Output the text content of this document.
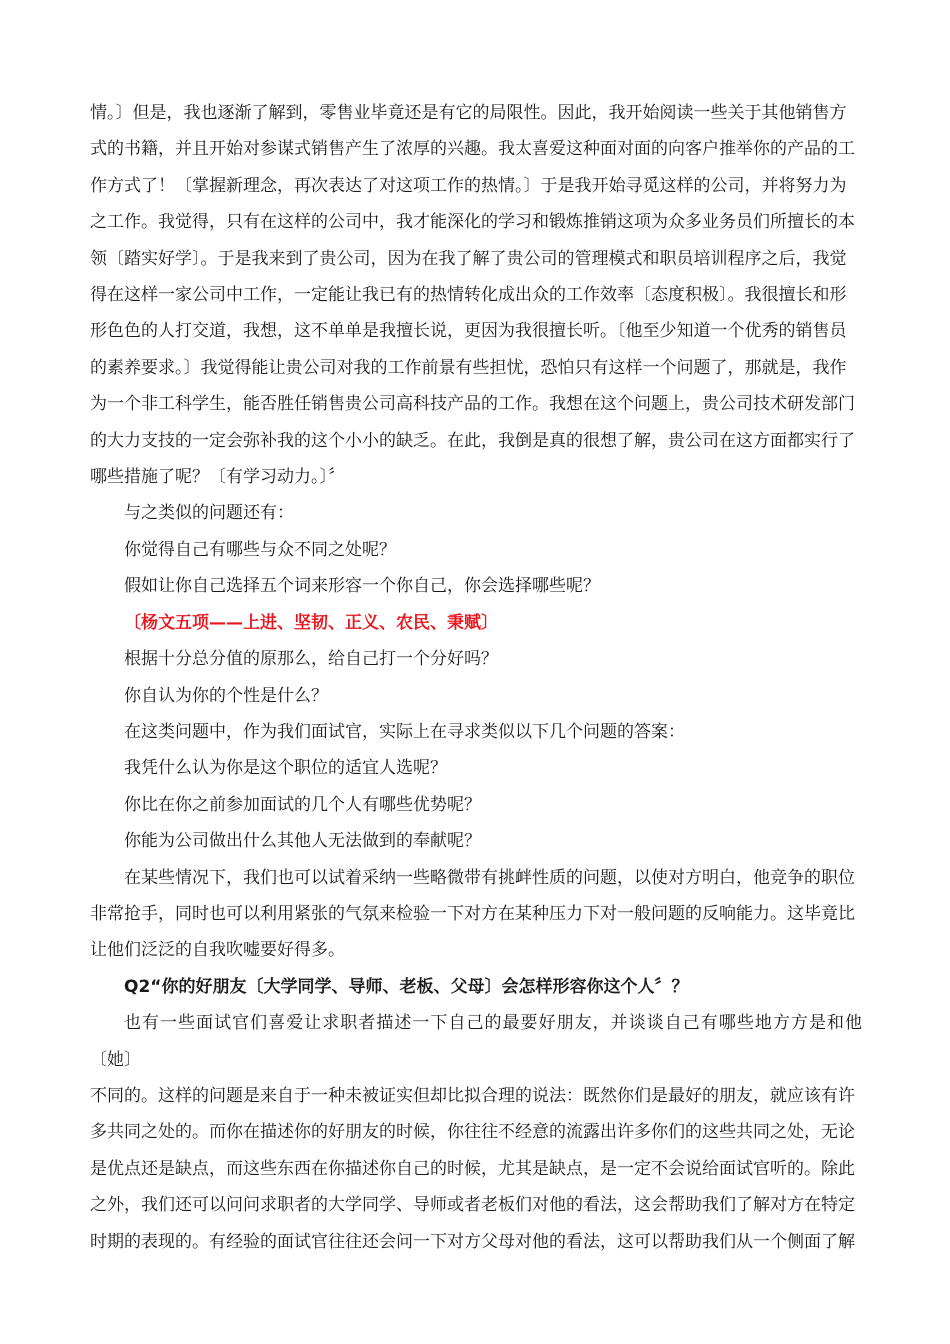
情。〕但是，我也逐渐了解到，零售业毕竟还是有它的局限性。因此，我开始阅读一些关于其他销售方
式的书籍，并且开始对参谋式销售产生了浓厚的兴趣。我太喜爱这种面对面的向客户推举你的产品的工
作方式了！〔掌握新理念，再次表达了对这项工作的热情。〕于是我开始寻觅这样的公司，并将努力为
之工作。我觉得，只有在这样的公司中，我才能深化的学习和锻炼推销这项为众多业务员们所擅长的本
领〔踏实好学〕。于是我来到了贵公司，因为在我了解了贵公司的管理模式和职员培训程序之后，我觉
得在这样一家公司中工作，一定能让我已有的热情转化成出众的工作效率〔态度积极〕。我很擅长和形
形色色的人打交道，我想，这不单单是我擅长说，更因为我很擅长听。〔他至少知道一个优秀的销售员
的素养要求。〕我觉得能让贵公司对我的工作前景有些担忧，恐怕只有这样一个问题了，那就是，我作
为一个非工科学生，能否胜任销售贵公司高科技产品的工作。我想在这个问题上，贵公司技术研发部门
的大力支技的一定会弥补我的这个小小的缺乏。在此，我倒是真的很想了解，贵公司在这方面都实行了
哪些措施了呢？〔有学习动力。〕〞

与之类似的问题还有：

你觉得自己有哪些与众不同之处呢？

假如让你自己选择五个词来形容一个你自己，你会选择哪些呢？

〔杨文五项——上进、坚韧、正义、农民、秉赋〕

根据十分总分值的原那么，给自己打一个分好吗？

你自认为你的个性是什么？

在这类问题中，作为我们面试官，实际上在寻求类似以下几个问题的答案：

我凭什么认为你是这个职位的适宜人选呢？

你比在你之前参加面试的几个人有哪些优势呢？

你能为公司做出什么其他人无法做到的奉献呢？

在某些情况下，我们也可以试着采纳一些略微带有挑衅性质的问题，以使对方明白，他竞争的职位
非常抢手，同时也可以利用紧张的气氛来检验一下对方在某种压力下对一般问题的反响能力。这毕竟比
让他们泛泛的自我吹嘘要好得多。

Q2“你的好朋友〔大学同学、导师、老板、父母〕会怎样形容你这个人〞？

也有一些面试官们喜爱让求职者描述一下自己的最要好朋友，并谈谈自己有哪些地方方是和他〔她〕
不同的。这样的问题是来自于一种未被证实但却比拟合理的说法：既然你们是最好的朋友，就应该有许
多共同之处的。而你在描述你的好朋友的时候，你往往不经意的流露出许多你们的这些共同之处，无论
是优点还是缺点，而这些东西在你描述你自己的时候，尤其是缺点，是一定不会说给面试官听的。除此
之外，我们还可以问问求职者的大学同学、导师或者老板们对他的看法，这会帮助我们了解对方在特定
时期的表现的。有经验的面试官往往还会问一下对方父母对他的看法，这可以帮助我们从一个侧面了解
